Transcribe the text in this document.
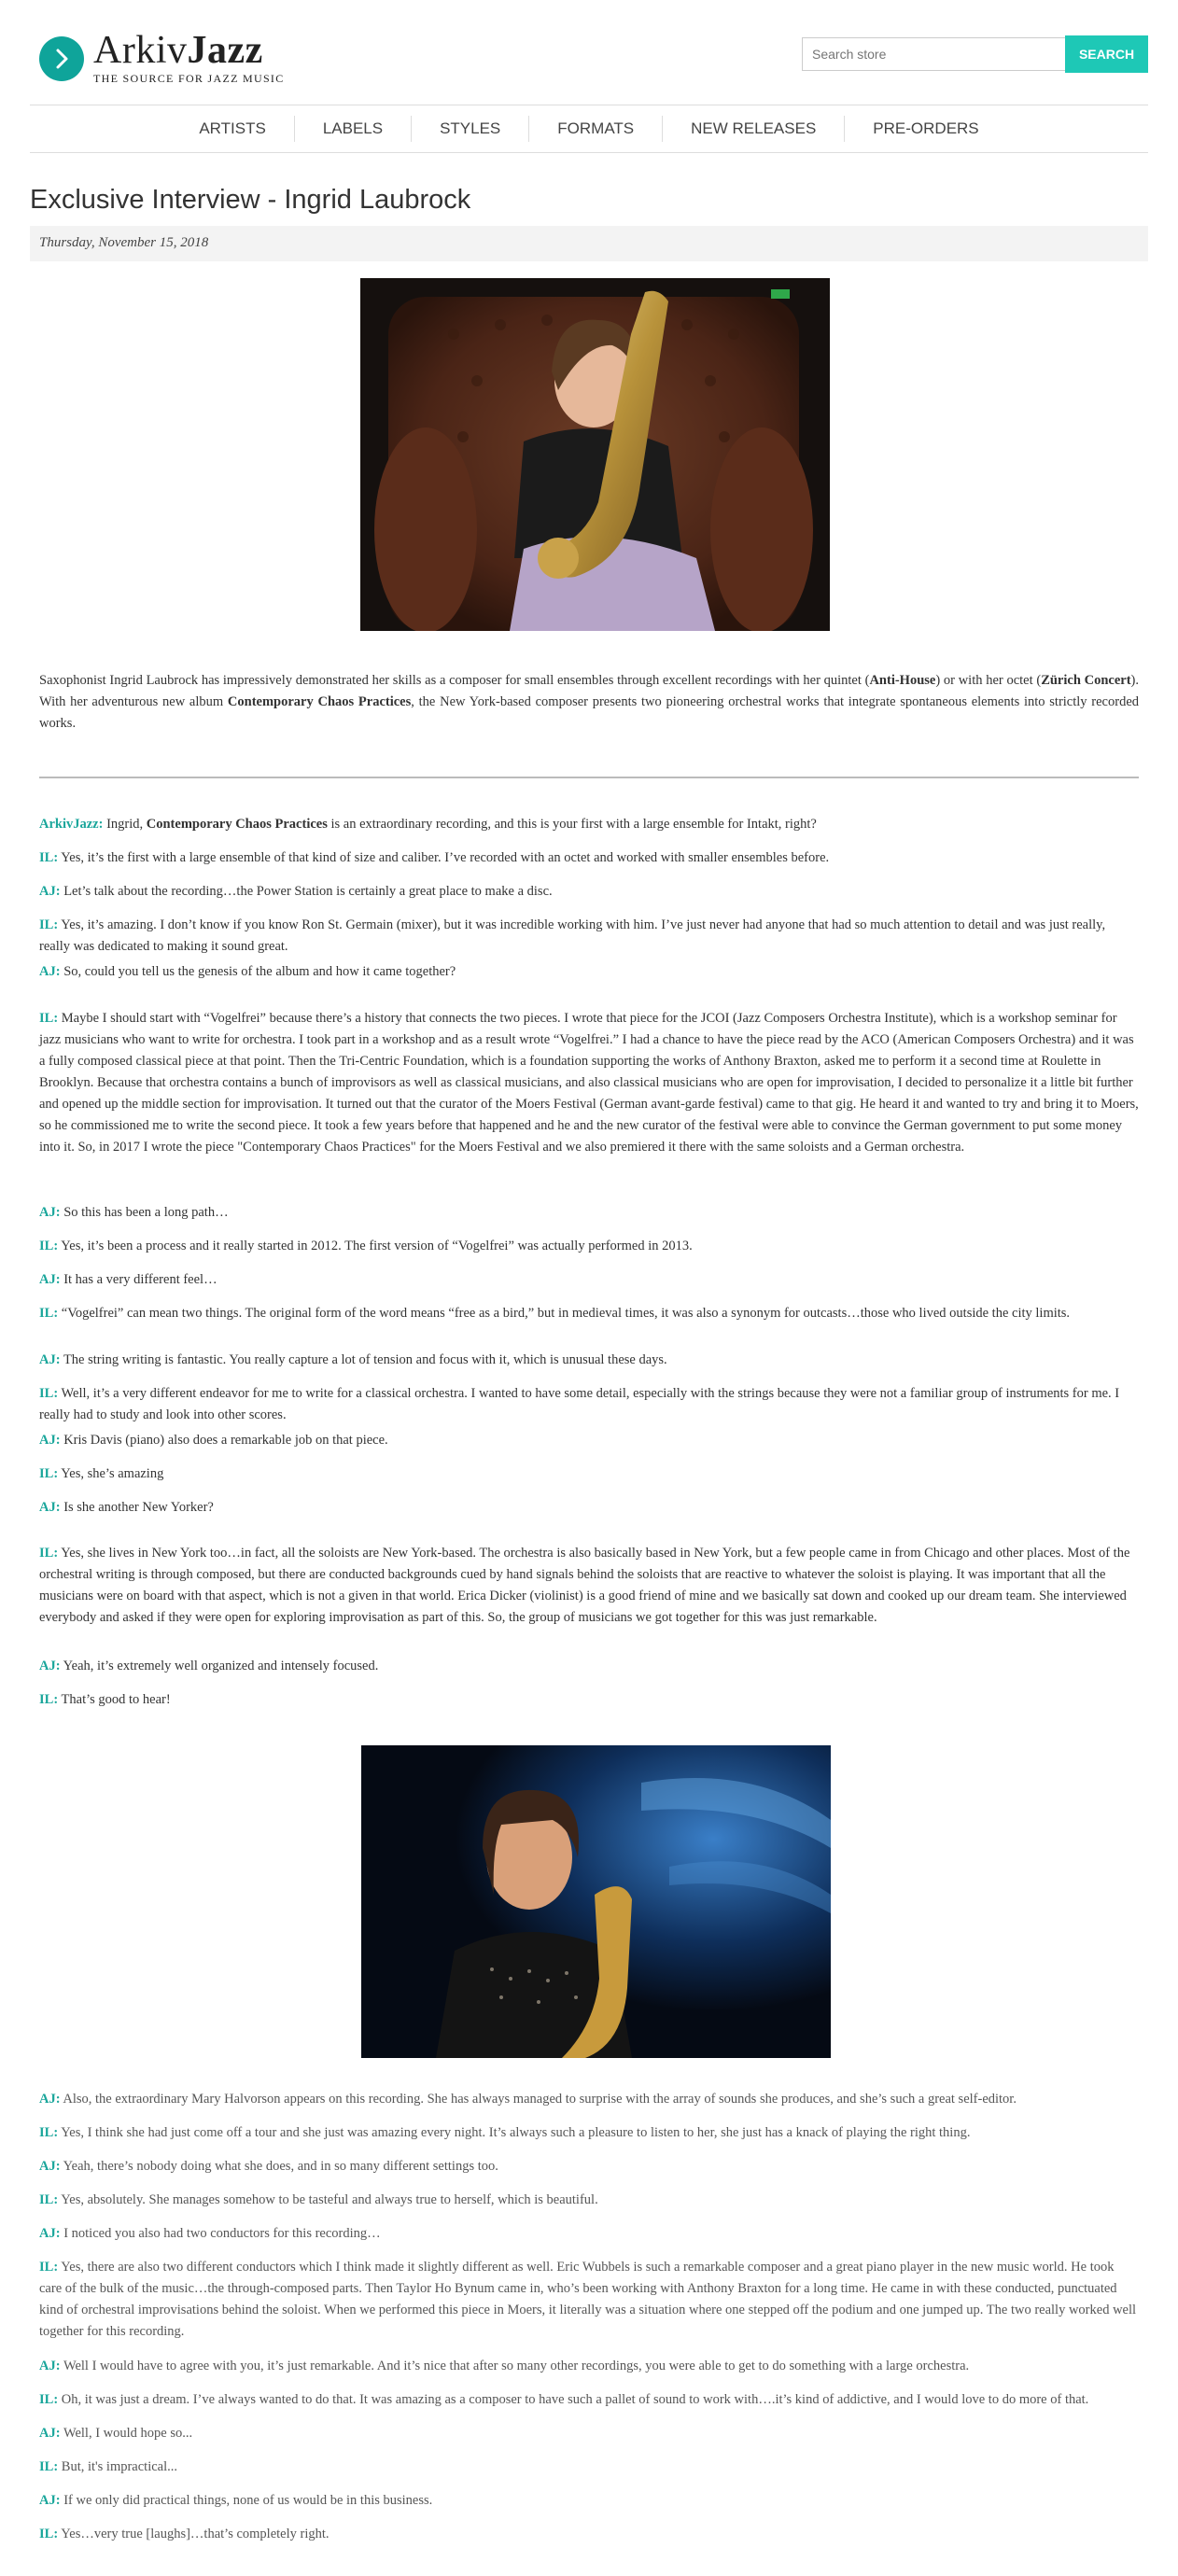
ArkivJazz
THE SOURCE FOR JAZZ MUSIC
Search store
SEARCH
ARTISTS	LABELS	STYLES	FORMATS	NEW RELEASES	PRE-ORDERS
Exclusive Interview - Ingrid Laubrock
Thursday, November 15, 2018

Saxophonist Ingrid Laubrock has impressively demonstrated her skills as a composer for small ensembles through excellent recordings with her quintet (Anti-House) or with her octet (Zürich Concert). With her adventurous new album Contemporary Chaos Practices, the New York-based composer presents two pioneering orchestral works that integrate spontaneous elements into strictly recorded works.

ArkivJazz: Ingrid, Contemporary Chaos Practices is an extraordinary recording, and this is your first with a large ensemble for Intakt, right?

IL: Yes, it’s the first with a large ensemble of that kind of size and caliber. I’ve recorded with an octet and worked with smaller ensembles before.

AJ: Let’s talk about the recording…the Power Station is certainly a great place to make a disc.

IL: Yes, it’s amazing. I don’t know if you know Ron St. Germain (mixer), but it was incredible working with him. I’ve just never had anyone that had so much attention to detail and was just really, really was dedicated to making it sound great.

AJ: So, could you tell us the genesis of the album and how it came together?

IL: Maybe I should start with “Vogelfrei” because there’s a history that connects the two pieces. I wrote that piece for the JCOI (Jazz Composers Orchestra Institute), which is a workshop seminar for jazz musicians who want to write for orchestra. I took part in a workshop and as a result wrote “Vogelfrei.” I had a chance to have the piece read by the ACO (American Composers Orchestra) and it was a fully composed classical piece at that point. Then the Tri-Centric Foundation, which is a foundation supporting the works of Anthony Braxton, asked me to perform it a second time at Roulette in Brooklyn. Because that orchestra contains a bunch of improvisors as well as classical musicians, and also classical musicians who are open for improvisation, I decided to personalize it a little bit further and opened up the middle section for improvisation. It turned out that the curator of the Moers Festival (German avant-garde festival) came to that gig. He heard it and wanted to try and bring it to Moers, so he commissioned me to write the second piece. It took a few years before that happened and he and the new curator of the festival were able to convince the German government to put some money into it. So, in 2017 I wrote the piece "Contemporary Chaos Practices" for the Moers Festival and we also premiered it there with the same soloists and a German orchestra.

AJ: So this has been a long path…

IL: Yes, it’s been a process and it really started in 2012. The first version of “Vogelfrei” was actually performed in 2013.

AJ: It has a very different feel…

IL: “Vogelfrei” can mean two things. The original form of the word means “free as a bird,” but in medieval times, it was also a synonym for outcasts…those who lived outside the city limits.

AJ: The string writing is fantastic. You really capture a lot of tension and focus with it, which is unusual these days.

IL: Well, it’s a very different endeavor for me to write for a classical orchestra. I wanted to have some detail, especially with the strings because they were not a familiar group of instruments for me. I really had to study and look into other scores.

AJ: Kris Davis (piano) also does a remarkable job on that piece.

IL: Yes, she’s amazing

AJ: Is she another New Yorker?

IL: Yes, she lives in New York too…in fact, all the soloists are New York-based. The orchestra is also basically based in New York, but a few people came in from Chicago and other places. Most of the orchestral writing is through composed, but there are conducted backgrounds cued by hand signals behind the soloists that are reactive to whatever the soloist is playing. It was important that all the musicians were on board with that aspect, which is not a given in that world. Erica Dicker (violinist) is a good friend of mine and we basically sat down and cooked up our dream team. She interviewed everybody and asked if they were open for exploring improvisation as part of this. So, the group of musicians we got together for this was just remarkable.

AJ: Yeah, it’s extremely well organized and intensely focused.

IL: That’s good to hear!

AJ: Also, the extraordinary Mary Halvorson appears on this recording. She has always managed to surprise with the array of sounds she produces, and she’s such a great self-editor.

IL: Yes, I think she had just come off a tour and she just was amazing every night. It’s always such a pleasure to listen to her, she just has a knack of playing the right thing.

AJ: Yeah, there’s nobody doing what she does, and in so many different settings too.

IL: Yes, absolutely. She manages somehow to be tasteful and always true to herself, which is beautiful.

AJ: I noticed you also had two conductors for this recording…

IL: Yes, there are also two different conductors which I think made it slightly different as well. Eric Wubbels is such a remarkable composer and a great piano player in the new music world. He took care of the bulk of the music…the through-composed parts. Then Taylor Ho Bynum came in, who’s been working with Anthony Braxton for a long time. He came in with these conducted, punctuated kind of orchestral improvisations behind the soloist. When we performed this piece in Moers, it literally was a situation where one stepped off the podium and one jumped up. The two really worked well together for this recording.

AJ: Well I would have to agree with you, it’s just remarkable. And it’s nice that after so many other recordings, you were able to get to do something with a large orchestra.

IL: Oh, it was just a dream. I’ve always wanted to do that. It was amazing as a composer to have such a pallet of sound to work with….it’s kind of addictive, and I would love to do more of that.

AJ: Well, I would hope so...

IL: But, it's impractical...

AJ: If we only did practical things, none of us would be in this business.

IL: Yes…very true [laughs]…that’s completely right.
